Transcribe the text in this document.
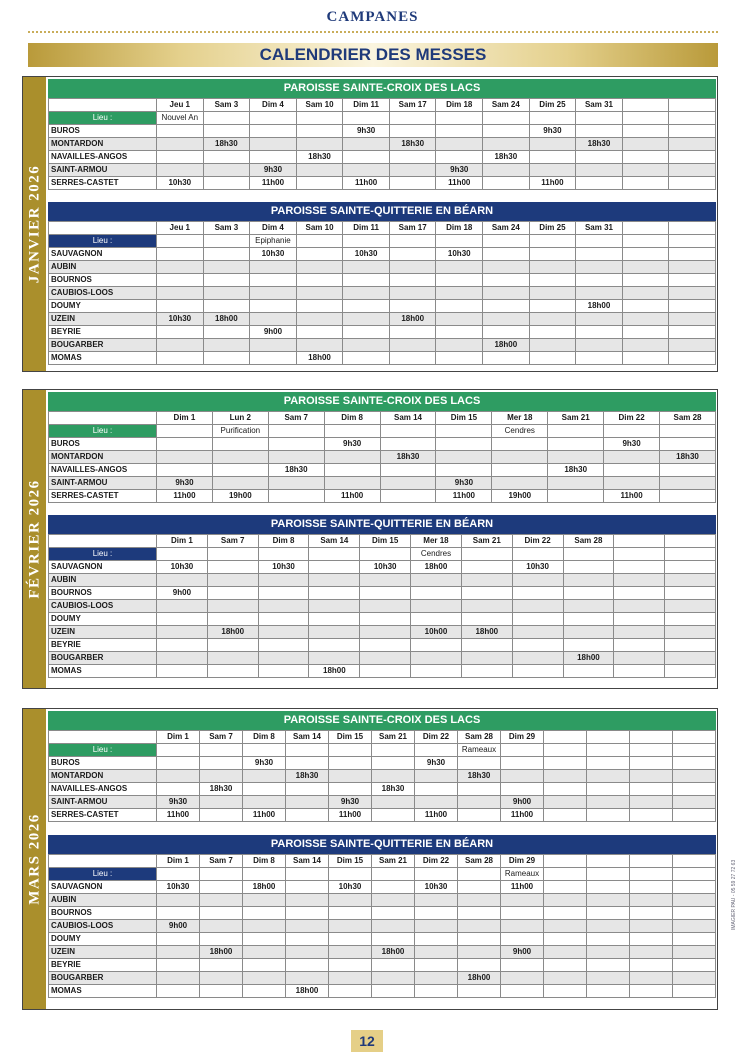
CAMPANES
CALENDRIER DES MESSES
JANVIER 2026
PAROISSE SAINTE-CROIX DES LACS
	Jeu 1	Sam 3	Dim 4	Sam 10	Dim 11	Sam 17	Dim 18	Sam 24	Dim 25	Sam 31		
Lieu :	Nouvel An											
BUROS					9h30				9h30			
MONTARDON		18h30				18h30				18h30		
NAVAILLES-ANGOS				18h30				18h30				
SAINT-ARMOU			9h30				9h30					
SERRES-CASTET	10h30		11h00		11h00		11h00		11h00			
PAROISSE SAINTE-QUITTERIE EN BÉARN
	Jeu 1	Sam 3	Dim 4	Sam 10	Dim 11	Sam 17	Dim 18	Sam 24	Dim 25	Sam 31		
Lieu :			Epiphanie									
SAUVAGNON			10h30		10h30		10h30					
AUBIN												
BOURNOS												
CAUBIOS-LOOS												
DOUMY										18h00		
UZEIN	10h30	18h00				18h00						
BEYRIE			9h00									
BOUGARBER								18h00				
MOMAS				18h00								
FÉVRIER 2026
PAROISSE SAINTE-CROIX DES LACS
	Dim 1	Lun 2	Sam 7	Dim 8	Sam 14	Dim 15	Mer 18	Sam 21	Dim 22	Sam 28
Lieu :		Purification					Cendres			
BUROS				9h30					9h30	
MONTARDON					18h30					18h30
NAVAILLES-ANGOS			18h30					18h30		
SAINT-ARMOU	9h30					9h30				
SERRES-CASTET	11h00	19h00		11h00		11h00	19h00		11h00	
PAROISSE SAINTE-QUITTERIE EN BÉARN
	Dim 1	Sam 7	Dim 8	Sam 14	Dim 15	Mer 18	Sam 21	Dim 22	Sam 28		
Lieu :						Cendres					
SAUVAGNON	10h30		10h30		10h30	18h00		10h30			
AUBIN											
BOURNOS	9h00										
CAUBIOS-LOOS											
DOUMY											
UZEIN		18h00				10h00	18h00				
BEYRIE											
BOUGARBER									18h00		
MOMAS				18h00							
MARS 2026
PAROISSE SAINTE-CROIX DES LACS
	Dim 1	Sam 7	Dim 8	Sam 14	Dim 15	Sam 21	Dim 22	Sam 28	Dim 29				
Lieu :								Rameaux					
BUROS			9h30				9h30						
MONTARDON				18h30				18h30					
NAVAILLES-ANGOS		18h30				18h30							
SAINT-ARMOU	9h30				9h30				9h00				
SERRES-CASTET	11h00		11h00		11h00		11h00		11h00				
PAROISSE SAINTE-QUITTERIE EN BÉARN
	Dim 1	Sam 7	Dim 8	Sam 14	Dim 15	Sam 21	Dim 22	Sam 28	Dim 29				
Lieu :									Rameaux				
SAUVAGNON	10h30		18h00		10h30		10h30		11h00				
AUBIN													
BOURNOS													
CAUBIOS-LOOS	9h00												
DOUMY													
UZEIN		18h00				18h00			9h00				
BEYRIE													
BOUGARBER								18h00					
MOMAS				18h00									
12
IMAGIER PAU - 05 59 27 72 63
